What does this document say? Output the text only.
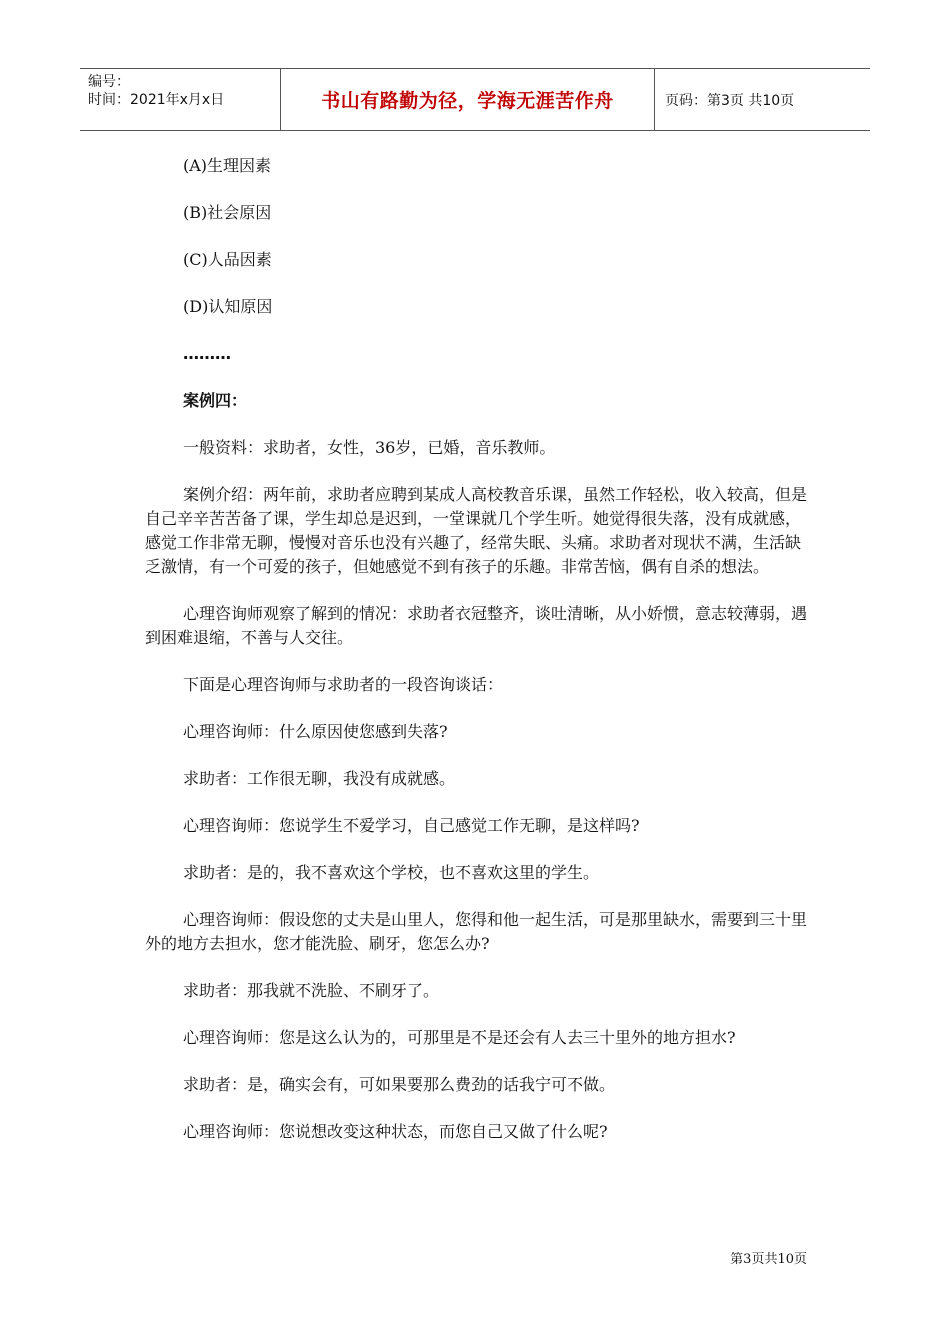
编号：
时间：2021年x月x日	书山有路勤为径，学海无涯苦作舟	页码：第3页 共10页

(A)生理因素

(B)社会原因

(C)人品因素

(D)认知原因

………

案例四：

一般资料：求助者，女性，36岁，已婚，音乐教师。

案例介绍：两年前，求助者应聘到某成人高校教音乐课，虽然工作轻松，收入较高，但是自己辛辛苦苦备了课，学生却总是迟到，一堂课就几个学生听。她觉得很失落，没有成就感，感觉工作非常无聊，慢慢对音乐也没有兴趣了，经常失眠、头痛。求助者对现状不满，生活缺乏激情，有一个可爱的孩子，但她感觉不到有孩子的乐趣。非常苦恼，偶有自杀的想法。

心理咨询师观察了解到的情况：求助者衣冠整齐，谈吐清晰，从小娇惯，意志较薄弱，遇到困难退缩，不善与人交往。

下面是心理咨询师与求助者的一段咨询谈话：

心理咨询师：什么原因使您感到失落?

求助者：工作很无聊，我没有成就感。

心理咨询师：您说学生不爱学习，自己感觉工作无聊，是这样吗?

求助者：是的，我不喜欢这个学校，也不喜欢这里的学生。

心理咨询师：假设您的丈夫是山里人，您得和他一起生活，可是那里缺水，需要到三十里外的地方去担水，您才能洗脸、刷牙，您怎么办?

求助者：那我就不洗脸、不刷牙了。

心理咨询师：您是这么认为的，可那里是不是还会有人去三十里外的地方担水?

求助者：是，确实会有，可如果要那么费劲的话我宁可不做。

心理咨询师：您说想改变这种状态，而您自己又做了什么呢?

第3页共10页
